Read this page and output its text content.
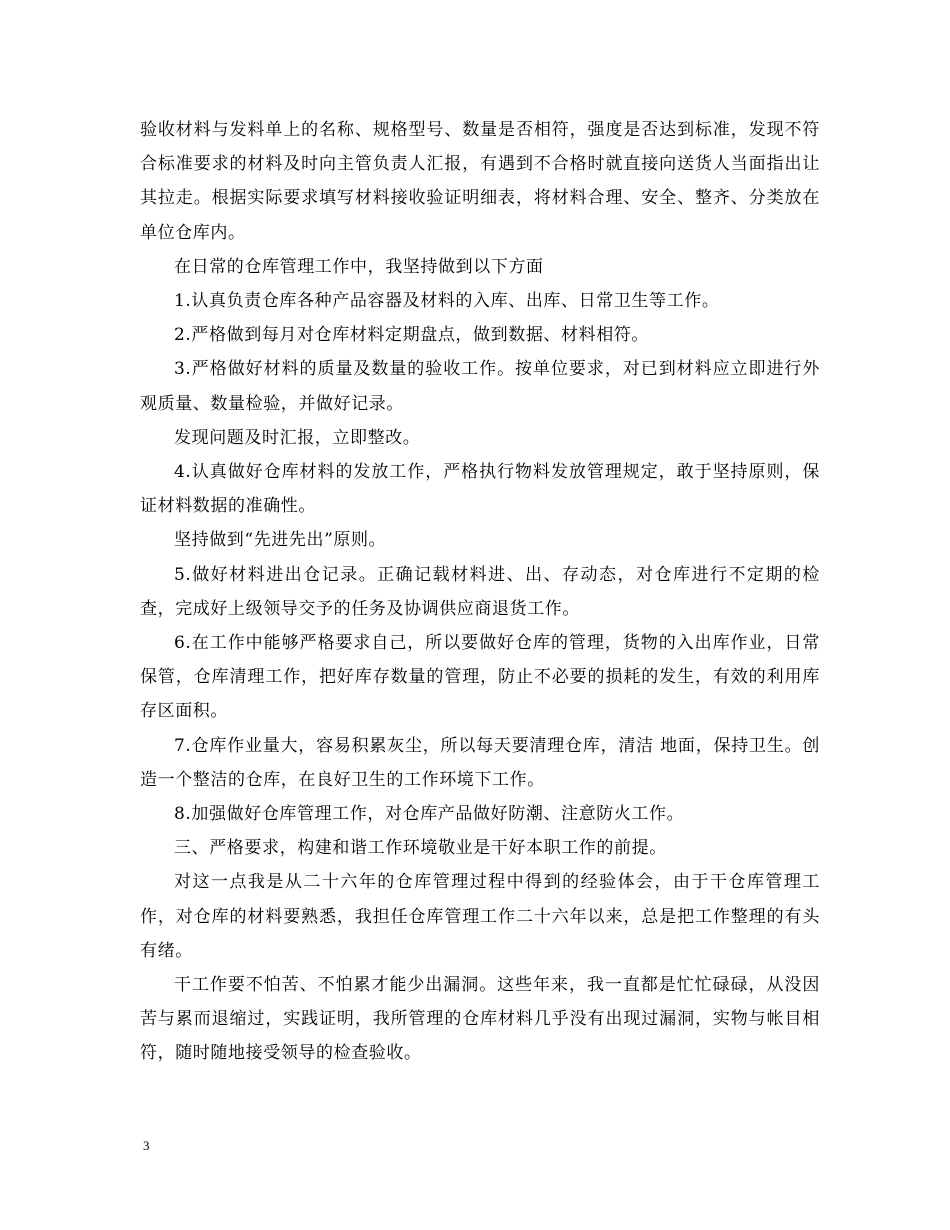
验收材料与发料单上的名称、规格型号、数量是否相符，强度是否达到标准，发现不符合标准要求的材料及时向主管负责人汇报，有遇到不合格时就直接向送货人当面指出让其拉走。根据实际要求填写材料接收验证明细表，将材料合理、安全、整齐、分类放在单位仓库内。

在日常的仓库管理工作中，我坚持做到以下方面

1.认真负责仓库各种产品容器及材料的入库、出库、日常卫生等工作。

2.严格做到每月对仓库材料定期盘点，做到数据、材料相符。

3.严格做好材料的质量及数量的验收工作。按单位要求，对已到材料应立即进行外观质量、数量检验，并做好记录。

发现问题及时汇报，立即整改。

4.认真做好仓库材料的发放工作，严格执行物料发放管理规定，敢于坚持原则，保证材料数据的准确性。

坚持做到“先进先出”原则。

5.做好材料进出仓记录。正确记载材料进、出、存动态，对仓库进行不定期的检查，完成好上级领导交予的任务及协调供应商退货工作。

6.在工作中能够严格要求自己，所以要做好仓库的管理，货物的入出库作业，日常保管，仓库清理工作，把好库存数量的管理，防止不必要的损耗的发生，有效的利用库存区面积。

7.仓库作业量大，容易积累灰尘，所以每天要清理仓库，清洁 地面，保持卫生。创造一个整洁的仓库，在良好卫生的工作环境下工作。

8.加强做好仓库管理工作，对仓库产品做好防潮、注意防火工作。

三、严格要求，构建和谐工作环境敬业是干好本职工作的前提。

对这一点我是从二十六年的仓库管理过程中得到的经验体会，由于干仓库管理工作，对仓库的材料要熟悉，我担任仓库管理工作二十六年以来，总是把工作整理的有头有绪。

干工作要不怕苦、不怕累才能少出漏洞。这些年来，我一直都是忙忙碌碌，从没因苦与累而退缩过，实践证明，我所管理的仓库材料几乎没有出现过漏洞，实物与帐目相符，随时随地接受领导的检查验收。

3
